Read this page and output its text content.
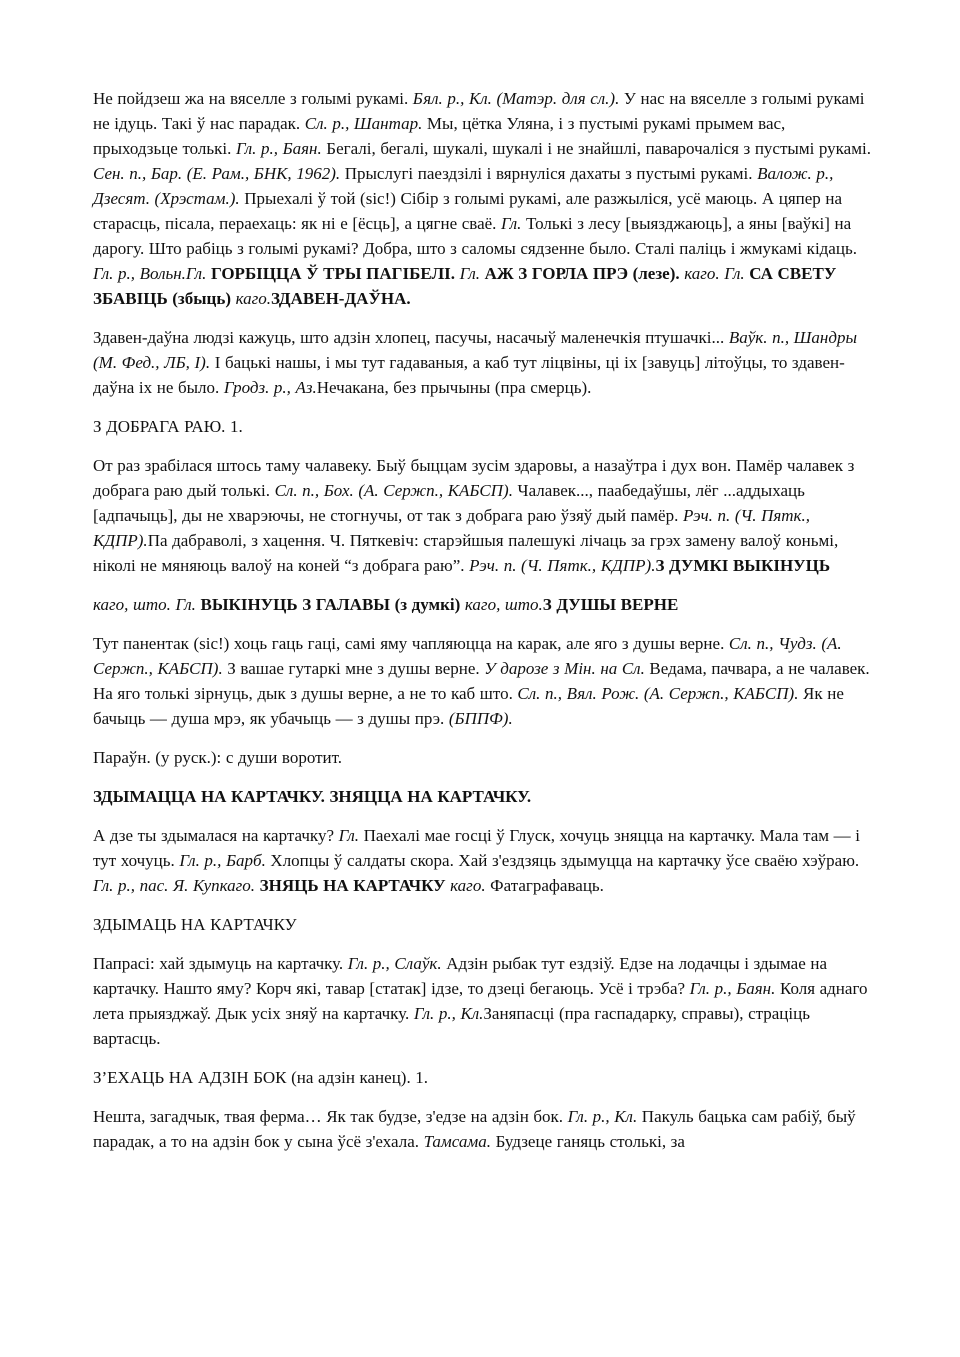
Не пойдзеш жа на вяселле з голымі рукамі. Бял. р., Кл. (Матэр. для сл.). У нас на вяселле з голымі рукамі не ідуць. Такі ў нас парадак. Сл. р., Шантар. Мы, цётка Уляна, і з пустымі рукамі прымем вас, прыходзьце толькі. Гл. р., Баян. Бегалі, бегалі, шукалі, шукалі і не знайшлі, паварочаліся з пустымі рукамі. Сен. п., Бар. (Е. Рам., БНК, 1962). Прыслугі паездзілі і вярнуліся дахаты з пустымі рукамі. Валож. р., Дзесят. (Хрэстам.). Прыехалі ў той (sic!) Сібір з голымі рукамі, але разжыліся, усё маюць. А цяпер на старасць, пісала, пераехаць: як ні е [ёсць], а цягне сваё. Гл. Толькі з лесу [выязджаюць], а яны [ваўкі] на дарогу. Што рабіць з голымі рукамі? Добра, што з саломы сядзенне было. Сталі паліць і жмукамі кідаць. Гл. р., Вольн.Гл. ГОРБІЦЦА Ў ТРЫ ПАГІБЕЛІ. Гл. АЖ З ГОРЛА ПРЭ (лезе). каго. Гл. СА СВЕТУ ЗБАВІЦЬ (збыць) каго.ЗДАВЕН-ДАЎНА.

Здавен-даўна людзі кажуць, што адзін хлопец, пасучы, насачыў маленечкія птушачкі... Ваўк. п., Шандры (М. Фед., ЛБ, I). І бацькі нашы, і мы тут гадаваныя, а каб тут ліцвіны, ці іх [завуць] літоўцы, то здавен-даўна іх не было. Гродз. р., Аз.Нечакана, без прычыны (пра смерць).

З ДОБРАГА РАЮ. 1.

От раз зрабілася штось таму чалавеку. Быў быццам зусім здаровы, а назаўтра і дух вон. Памёр чалавек з добрага раю дый толькі. Сл. п., Бох. (А. Сержп., КАБСП). Чалавек..., паабедаўшы, лёг ...аддыхаць [адпачыць], ды не хварэючы, не стогнучы, от так з добрага раю ўзяў дый памёр. Рэч. п. (Ч. Пятк., КДПР).Па дабраволі, з хацення. Ч. Пяткевіч: старэйшыя палешукі лічаць за грэх замену валоў коньмі, ніколі не мяняюць валоў на коней “з добрага раю”. Рэч. п. (Ч. Пятк., КДПР).З ДУМКІ ВЫКІНУЦЬ

каго, што. Гл. ВЫКІНУЦЬ З ГАЛАВЫ (з думкі) каго, што.З ДУШЫ ВЕРНЕ

Тут панентак (sic!) хоць гаць гаці, самі яму чапляюцца на карак, але яго з душы верне. Сл. п., Чудз. (А. Сержп., КАБСП). З вашае гутаркі мне з душы верне. У дарозе з Мін. на Сл. Ведама, пачвара, а не чалавек. На яго толькі зірнуць, дык з душы верне, а не то каб што. Сл. п., Вял. Рож. (А. Сержп., КАБСП). Як не бачыць — душа мрэ, як убачыць — з душы прэ. (БППФ).

Параўн. (у руск.): с души воротит.

ЗДЫМАЦЦА НА КАРТАЧКУ. ЗНЯЦЦА НА КАРТАЧКУ.

А дзе ты здымалася на картачку? Гл. Паехалі мае госці ў Глуск, хочуць зняцца на картачку. Мала там — і тут хочуць. Гл. р., Барб. Хлопцы ў салдаты скора. Хай з'ездзяць здымуцца на картачку ўсе сваёю хэўраю. Гл. р., пас. Я. Купкаго. ЗНЯЦЬ НА КАРТАЧКУ каго. Фатаграфаваць.

ЗДЫМАЦЬ НА КАРТАЧКУ

Папрасі: хай здымуць на картачку. Гл. р., Слаўк. Адзін рыбак тут ездзіў. Едзе на лодачцы і здымае на картачку. Нашто яму? Корч які, тавар [статак] ідзе, то дзеці бегаюць. Усё і трэба? Гл. р., Баян. Коля аднаго лета прыязджаў. Дык усіх зняў на картачку. Гл. р., Кл.Заняпасці (пра гаспадарку, справы), страціць вартасць.

З’ЕХАЦЬ НА АДЗІН БОК (на адзін канец). 1.

Нешта, загадчык, твая ферма… Як так будзе, з'едзе на адзін бок. Гл. р., Кл. Пакуль бацька сам рабіў, быў парадак, а то на адзін бок у сына ўсё з'ехала. Тамсама. Будзеце ганяць столькі, за
